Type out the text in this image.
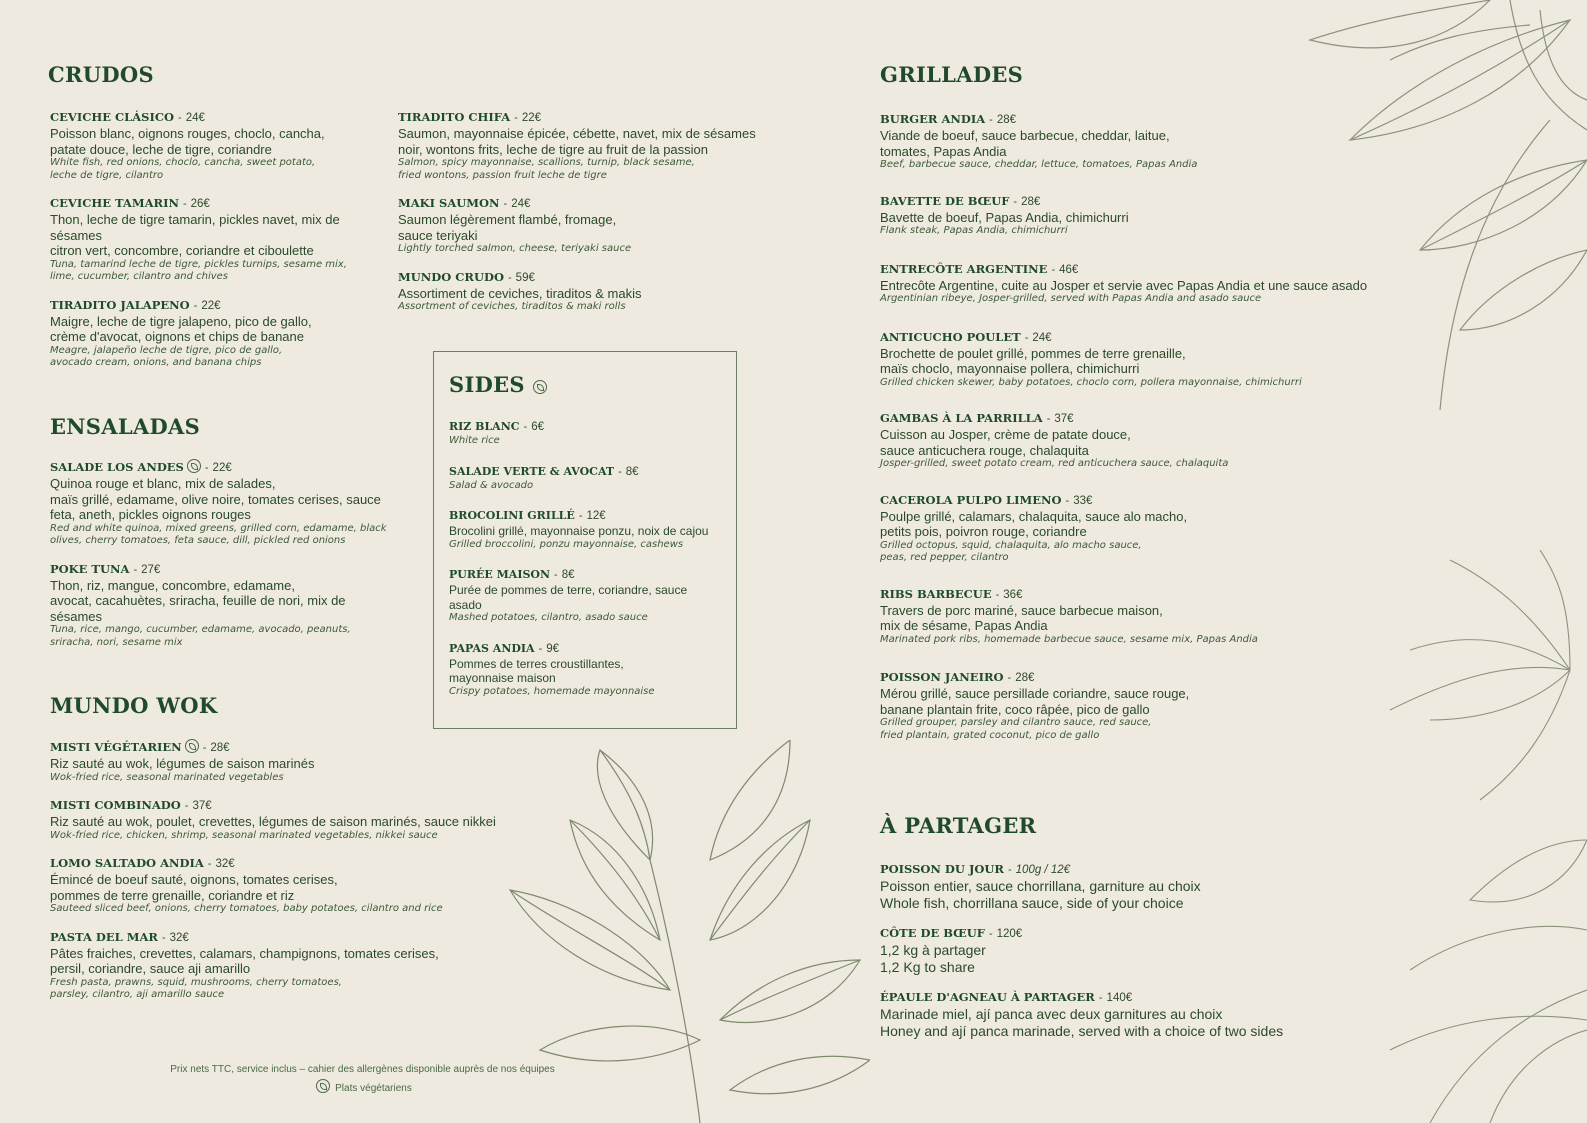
CRUDOS
CEVICHE CLÁSICO - 24€
Poisson blanc, oignons rouges, choclo, cancha,
patate douce, leche de tigre, coriandre
White fish, red onions, choclo, cancha, sweet potato,
leche de tigre, cilantro
CEVICHE TAMARIN - 26€
Thon, leche de tigre tamarin, pickles navet, mix de
sésames
citron vert, concombre, coriandre et ciboulette
Tuna, tamarind leche de tigre, pickles turnips, sesame mix,
lime, cucumber, cilantro and chives
TIRADITO JALAPENO - 22€
Maigre, leche de tigre jalapeno, pico de gallo,
crème d'avocat, oignons et chips de banane
Meagre, jalapeño leche de tigre, pico de gallo,
avocado cream, onions, and banana chips
TIRADITO CHIFA - 22€
Saumon, mayonnaise épicée, cébette, navet, mix de sésames
noir, wontons frits, leche de tigre au fruit de la passion
Salmon, spicy mayonnaise, scallions, turnip, black sesame,
fried wontons, passion fruit leche de tigre
MAKI SAUMON - 24€
Saumon légèrement flambé, fromage,
sauce teriyaki
Lightly torched salmon, cheese, teriyaki sauce
MUNDO CRUDO - 59€
Assortiment de ceviches, tiraditos & makis
Assortment of ceviches, tiraditos & maki rolls
ENSALADAS
SALADE LOS ANDES - 22€
Quinoa rouge et blanc, mix de salades,
maïs grillé, edamame, olive noire, tomates cerises, sauce
feta, aneth, pickles oignons rouges
Red and white quinoa, mixed greens, grilled corn, edamame, black
olives, cherry tomatoes, feta sauce, dill, pickled red onions
POKE TUNA - 27€
Thon, riz, mangue, concombre, edamame,
avocat, cacahuètes, sriracha, feuille de nori, mix de
sésames
Tuna, rice, mango, cucumber, edamame, avocado, peanuts,
sriracha, nori, sesame mix
MUNDO WOK
MISTI VÉGÉTARIEN - 28€
Riz sauté au wok, légumes de saison marinés
Wok-fried rice, seasonal marinated vegetables
MISTI COMBINADO - 37€
Riz sauté au wok, poulet, crevettes, légumes de saison marinés, sauce nikkei
Wok-fried rice, chicken, shrimp, seasonal marinated vegetables, nikkei sauce
LOMO SALTADO ANDIA - 32€
Émincé de boeuf sauté, oignons, tomates cerises,
pommes de terre grenaille, coriandre et riz
Sauteed sliced beef, onions, cherry tomatoes, baby potatoes, cilantro and rice
PASTA DEL MAR - 32€
Pâtes fraiches, crevettes, calamars, champignons, tomates cerises,
persil, coriandre, sauce aji amarillo
Fresh pasta, prawns, squid, mushrooms, cherry tomatoes,
parsley, cilantro, aji amarillo sauce
SIDES
RIZ BLANC - 6€
White rice
SALADE VERTE & AVOCAT - 8€
Salad & avocado
BROCOLINI GRILLÉ - 12€
Brocolini grillé, mayonnaise ponzu, noix de cajou
Grilled broccolini, ponzu mayonnaise, cashews
PURÉE MAISON - 8€
Purée de pommes de terre, coriandre, sauce
asado
Mashed potatoes, cilantro, asado sauce
PAPAS ANDIA - 9€
Pommes de terres croustillantes,
mayonnaise maison
Crispy potatoes, homemade mayonnaise
GRILLADES
BURGER ANDIA - 28€
Viande de boeuf, sauce barbecue, cheddar, laitue,
tomates, Papas Andia
Beef, barbecue sauce, cheddar, lettuce, tomatoes, Papas Andia
BAVETTE DE BŒUF - 28€
Bavette de boeuf, Papas Andia, chimichurri
Flank steak, Papas Andia, chimichurri
ENTRECÔTE ARGENTINE - 46€
Entrecôte Argentine, cuite au Josper et servie avec Papas Andia et une sauce asado
Argentinian ribeye, Josper-grilled, served with Papas Andia and asado sauce
ANTICUCHO POULET - 24€
Brochette de poulet grillé, pommes de terre grenaille,
maïs choclo, mayonnaise pollera, chimichurri
Grilled chicken skewer, baby potatoes, choclo corn, pollera mayonnaise, chimichurri
GAMBAS À LA PARRILLA - 37€
Cuisson au Josper, crème de patate douce,
sauce anticuchera rouge, chalaquita
Josper-grilled, sweet potato cream, red anticuchera sauce, chalaquita
CACEROLA PULPO LIMENO - 33€
Poulpe grillé, calamars, chalaquita, sauce alo macho,
petits pois, poivron rouge, coriandre
Grilled octopus, squid, chalaquita, alo macho sauce,
peas, red pepper, cilantro
RIBS BARBECUE - 36€
Travers de porc mariné, sauce barbecue maison,
mix de sésame, Papas Andia
Marinated pork ribs, homemade barbecue sauce, sesame mix, Papas Andia
POISSON JANEIRO - 28€
Mérou grillé, sauce persillade coriandre, sauce rouge,
banane plantain frite, coco râpée, pico de gallo
Grilled grouper, parsley and cilantro sauce, red sauce,
fried plantain, grated coconut, pico de gallo
À PARTAGER
POISSON DU JOUR - 100g / 12€
Poisson entier, sauce chorrillana, garniture au choix
Whole fish, chorrillana sauce, side of your choice
CÔTE DE BŒUF - 120€
1,2 kg à partager
1,2 Kg to share
ÉPAULE D'AGNEAU À PARTAGER - 140€
Marinade miel, ají panca avec deux garnitures au choix
Honey and ají panca marinade, served with a choice of two sides
Prix nets TTC, service inclus – cahier des allergènes disponible auprès de nos équipes
Plats végétariens
